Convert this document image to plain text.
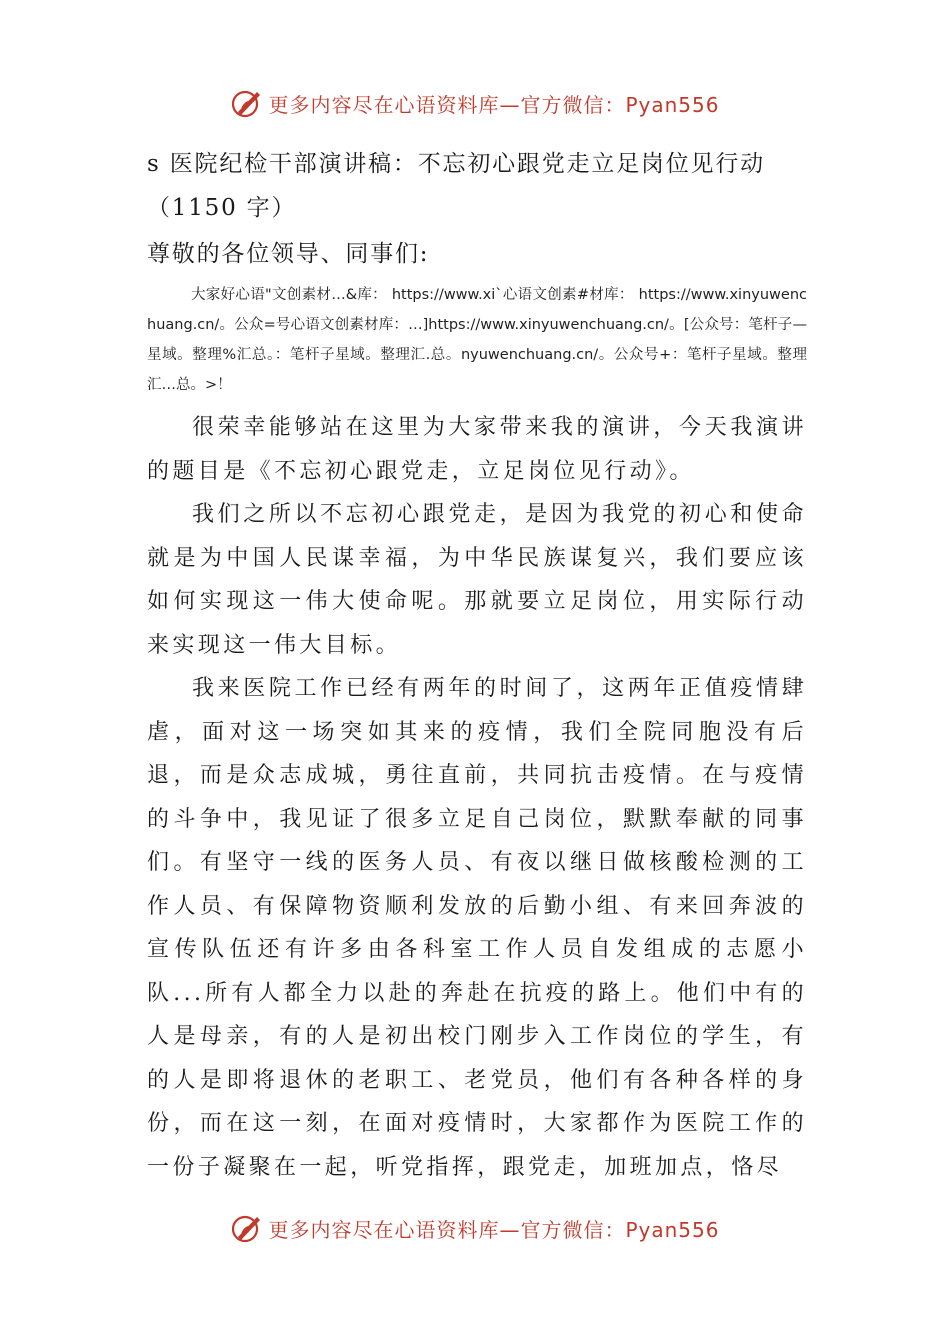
更多内容尽在心语资料库—官方微信：Pyan556
s 医院纪检干部演讲稿：不忘初心跟党走立足岗位见行动（1150 字）

尊敬的各位领导、同事们:

大家好心语"文创素材…&库： https://www.xi`心语文创素#材库： https://www.xinyuwenchuang.cn/。公众=号心语文创素材库：…]https://www.xinyuwenchuang.cn/。[公众号：笔杆子—星域。整理%汇总。：笔杆子星域。整理汇.总。nyuwenchuang.cn/。公众号+：笔杆子星域。整理汇…总。>！

很荣幸能够站在这里为大家带来我的演讲，今天我演讲的题目是《不忘初心跟党走，立足岗位见行动》。

我们之所以不忘初心跟党走，是因为我党的初心和使命就是为中国人民谋幸福，为中华民族谋复兴，我们要应该如何实现这一伟大使命呢。那就要立足岗位，用实际行动来实现这一伟大目标。

我来医院工作已经有两年的时间了，这两年正值疫情肆虐，面对这一场突如其来的疫情，我们全院同胞没有后退，而是众志成城，勇往直前，共同抗击疫情。在与疫情的斗争中，我见证了很多立足自己岗位，默默奉献的同事们。有坚守一线的医务人员、有夜以继日做核酸检测的工作人员、有保障物资顺利发放的后勤小组、有来回奔波的宣传队伍还有许多由各科室工作人员自发组成的志愿小队...所有人都全力以赴的奔赴在抗疫的路上。他们中有的人是母亲，有的人是初出校门刚步入工作岗位的学生，有的人是即将退休的老职工、老党员，他们有各种各样的身份，而在这一刻，在面对疫情时，大家都作为医院工作的一份子凝聚在一起，听党指挥，跟党走，加班加点，恪尽

更多内容尽在心语资料库—官方微信：Pyan556
